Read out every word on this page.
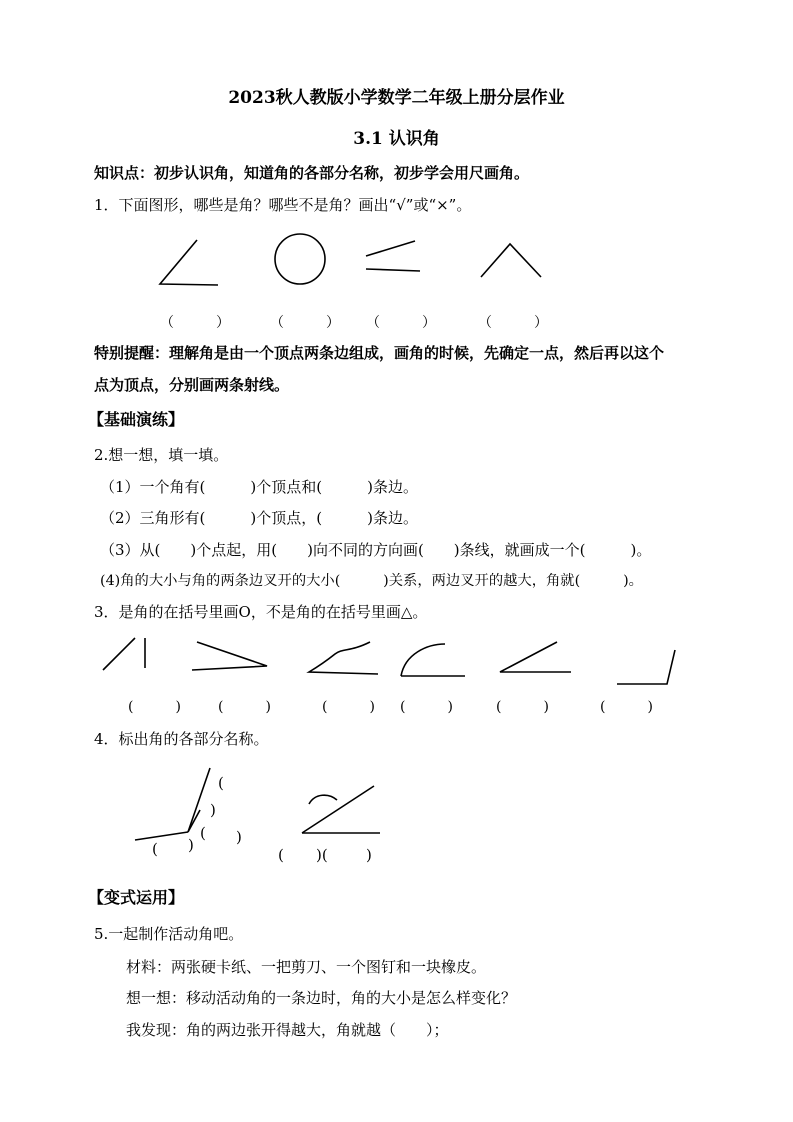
2023秋人教版小学数学二年级上册分层作业
3.1 认识角
知识点：初步认识角，知道角的各部分名称，初步学会用尺画角。
1．下面图形，哪些是角？哪些不是角？画出“√”或“×”。
（　　　）	（　　　） （　　　）	（　　　）
特别提醒：理解角是由一个顶点两条边组成，画角的时候，先确定一点，然后再以这个
点为顶点，分别画两条射线。
【基础演练】
2.想一想，填一填。
（1）一个角有(　　　)个顶点和(　　　)条边。
（2）三角形有(　　　)个顶点，(　　　)条边。
（3）从(　　)个点起，用(　　)向不同的方向画(　　)条线，就画成一个(　　　)。
(4)角的大小与角的两条边叉开的大小(　　　)关系，两边叉开的越大，角就(　　　)。
3．是角的在括号里画O，不是角的在括号里画△。
(　　　)	(　　　)	(　　　) (　　　)	(　　　)	(　　　)
4．标出角的各部分名称。
(
)
( )
( )
( )(	)
【变式运用】
5.一起制作活动角吧。
材料：两张硬卡纸、一把剪刀、一个图钉和一块橡皮。
想一想：移动活动角的一条边时，角的大小是怎么样变化？
我发现：角的两边张开得越大，角就越（　　）；
